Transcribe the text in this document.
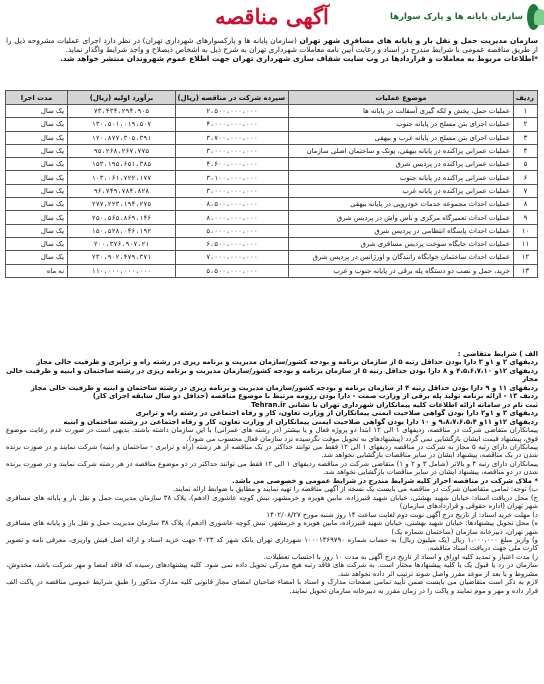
سازمان پایانه ها و پارک سوارها
آگهی مناقصه
سازمان مدیریت حمل و نقل بار و پایانه های مسافری شهر تهران (سازمان پایانه ها و پارکسوارهای شهرداری تهران) در نظر دارد اجرای عملیات مشروحه ذیل را از طریق مناقصه عمومی با شرایط مندرج در اسناد و رعایت آیین نامه معاملات شهرداری تهران به شرح ذیل به اشخاص ذیصلاح و واجد شرایط واگذار نماید.
*اطلاعات مربوط به معاملات و قراردادها در وب سایت شفاف سازی شهرداری تهران جهت اطلاع عموم شهروندان منتشر خواهد شد.
ردیف	موضوع عملیات	سپرده شرکت در مناقصه (ریال)	برآورد اولیه (ریال)	مدت اجرا
۱	عملیات حمل، پخش و لکه گیری آسفالت در پایانه ها	۲،۵۰۰،۰۰۰،۰۰۰	۷۳،۴۳۴،۲۹۴،۹۰۵	یک سال
۲	عملیات اجرای بتن مسلح در پایانه جنوب	۴،۰۰۰،۰۰۰،۰۰۰	۱۳۰،۵۰۱،۰۱۹،۵۰۷	یک سال
۳	عملیات اجرای بتن مسلح در پایانه غرب و بیهقی	۳،۷۰۰،۰۰۰،۰۰۰	۱۲۰،۸۷۷،۳۰۵،۳۹۱	یک سال
۴	عملیات عمرانی پراکنده در پایانه بیهقی، پونک و ساختمان اصلی سازمان	۳،۰۰۰،۰۰۰،۰۰۰	۹۵،۲۶۸،۲۶۷،۷۷۵	یک سال
۵	عملیات عمرانی پراکنده در پردیس شرق	۴،۶۰۰،۰۰۰،۰۰۰	۱۵۳،۱۹۵،۶۵۱،۳۸۵	یک سال
۶	عملیات عمرانی پراکنده در پایانه جنوب	۳،۱۰۰،۰۰۰،۰۰۰	۱۰۳،۰۶۱،۷۲۲،۱۷۷	یک سال
۷	عملیات عمرانی پراکنده در پایانه غرب	۳،۰۰۰،۰۰۰،۰۰۰	۹۶،۷۴۹،۷۸۴،۸۲۸	یک سال
۸	عملیات احداث مجموعه خدمات خودرویی در پایانه بیهقی	۸،۵۰۰،۰۰۰،۰۰۰	۲۷۷،۲۲۳،۱۹۴،۲۷۵	یک سال
۹	عملیات احداث تعمیرگاه مرکزی و باس واش در پردیس شرق	۸،۰۰۰،۰۰۰،۰۰۰	۲۵۰،۵۶۵،۸۶۹،۱۴۶	یک سال
۱۰	عملیات احداث پاسگاه انتظامی در پردیس شرق	۵،۰۰۰،۰۰۰،۰۰۰	۱۵۰،۵۲۸،۰۴۶،۱۹۲	یک سال
۱۱	عملیات احداث جایگاه سوخت پردیس مسافری شرق	۶،۵۰۰،۰۰۰،۰۰۰	۲۰۰،۳۷۶،۹۰۷،۲۱	یک سال
۱۲	عملیات احداث ساختمان خوابگاه رانندگان و اورژانس در پردیس شرق	۷،۰۰۰،۰۰۰،۰۰۰	۲۳۰،۹۰۲،۴۷۹،۳۷۱	یک سال
۱۳	خرید، حمل و نصب دو دستگاه پله برقی در پایانه جنوب و غرب	۵،۵۰۰،۰۰۰،۰۰۰	۱۱۰،۰۰۰،۰۰۰،۰۰۰	نه ماه

الف ) شرایط متقاضی :

ردیفهای ۲ و ۱و ۳ دارا بودن حداقل رتبه ۵ از سازمان برنامه و بودجه کشور/سازمان مدیریت و برنامه ریزی در رشته راه و ترابری و ظرفیت خالی مجاز

ردیفهای ۱۲و ۴،۵،۶،۷،۱۰ و ۸ دارا بودن حداقل رتبه ۵ از سازمان برنامه و بودجه کشور/سازمان مدیریت و برنامه ریزی در رشته ساختمان و ابنیه و ظرفیت خالی مجاز

ردیفهای ۱۱ و ۹ دارا بودن حداقل رتبه ۴ از سازمان برنامه و بودجه کشور/سازمان مدیریت و برنامه ریزی در رشته ساختمان و ابنیه و ظرفیت خالی مجاز

ردیف ۱۳ - ارائه برنامه تولید پله برقی از وزارت صمت - دارا بودن رزومه مرتبط با موضوع مناقصه (حداقل دو سال سابقه اجرای کار)

ثبت نام در سامانه ارائه اطلاعات کلیه پیمانکاران شهرداری تهران با نشانی Tehran.ir

ردیفهای ۳ و ۱و۲ دارا بودن گواهی صلاحیت ایمنی پیمانکاران از وزارت تعاون، کار و رفاه اجتماعی در رشته راه و ترابری

ردیفهای ۱۲و ۱۱و ۹،۸،۷،۶،۵،۴ و ۱۰ دارا بودن گواهی صلاحیت ایمنی پیمانکاران از وزارت تعاون، کار و رفاه اجتماعی در رشته ساختمان و ابنیه

پیمانکاران متقاضی شرکت در مناقصه، ردیفهای ۱ الی ۱۲ ابتدا دو پروژه فعال و یا بیشتر (در رشته های عمرانی) با این سازمان داشته باشند. بدیهی است در صورت عدم رعایت موضوع فوق، پیشنهاد قیمت ایشان بازگشایی نمی گردد (پیشنهادهای به تحویل موقت نگرسیده نزد سازمان فعال محسوب می شود).

پیمانکاران دارای رتبه ۵ مجاز به شرکت در مناقصه ردیفهای ۱ الی ۱۲ فقط می توانند حداکثر در یک مناقصه از هر رشته (راه و ترابری - ساختمان و ابنیه) شرکت نمایند و در صورت برنده شدن در یک مناقصه، پیشنهاد ایشان در سایر مناقصات بازگشایی نخواهد شد.

پیمانکاران دارای رتبه ۴ و بالاتر (شامل ۳ و ۲ و ۱) متقاضی شرکت در مناقصه ردیفهای ۱ الی ۱۲ فقط می توانند حداکثر در دو موضوع مناقصه در هر رشته شرکت نمایند و در صورت برنده شدن در دو مناقصه، پیشنهاد ایشان در سایر مناقصات بازگشایی نخواهد شد.

* ملاک شرکت در مناقصه احراز کلیه شرایط مندرج در شرایط عمومی و خصوصی می باشد.

ب) توجه: تمامی متقاضیان شرکت در مناقصه می بایست یک نسخه از آگهی مناقصه را تهیه نمایند و مطابق با ضوابط ارائه نمایند.

ج) محل دریافت اسناد: خیابان شهید بهشتی، خیابان شهید قنبرزاده، مابین هویزه و خرمشهر، نبش کوچه عاشوری (ادهم)، پلاک ۳۸ سازمان مدیریت حمل و نقل بار و پایانه های مسافری شهر تهران (اداره حقوقی و قراردادهای سازمان)

د) مهلت خرید اسناد: از تاریخ درج آگهی نوبت دوم لغایت ساعت ۱۴ روز شنبه مورخ ۱۴۰۲/۰۸/۲۷

ه) محل تحویل پیشنهادها: خیابان شهید بهشتی، خیابان شهید قنبرزاده، مابین هویزه و خرمشهر، نبش کوچه عاشوری (ادهم)، پلاک ۳۸ سازمان مدیریت حمل و نقل بار و پایانه های مسافری شهر تهران، دبیرخانه سازمان (ساختمان شماره یک)

و) واریز مبلغ ۱،۰۰۰،۰۰۰ ریال (یک میلیون ریال) به حساب شماره ۱۰۰۰۱۳۶۹۷۹۰ شهرداری تهران بانک شهر کد ۲۰۲۳ جهت خرید اسناد و ارائه اصل فیش واریزی، معرفی نامه و تصویر کارت ملی جهت دریافت اسناد مناقصه.

ز) مدت اعتبار و تمدید کلیه اوراق و اسناد از تاریخ درج آگهی به مدت ۱۰ روز با احتساب تعطیلات.

سازمان در رد یا قبول یک یا کلیه پیشنهادها مختار است. به شرکت های فاقد رتبه هیچ مدرکی تحویل داده نمی شود. کلیه پیشنهادهای رسیده که فاقد امضا و مهر شرکت باشد، مخدوش، مشروط و یا بعد از موعد مقرر واصل شوند ترتیب اثر داده نخواهد شد.

لازم به ذکر است متقاضیان می بایست ضمن تأیید تمامی صفحات مدارک و اسناد با امضاء صاحبان امضای مجاز قانونی کلیه مدارک مذکور را طبق شرایط عمومی مناقصه در پاکت الف قرار داده و مهر و موم نمایند و پاکت را در زمان مقرر به دبیرخانه سازمان تحویل نمایند.
